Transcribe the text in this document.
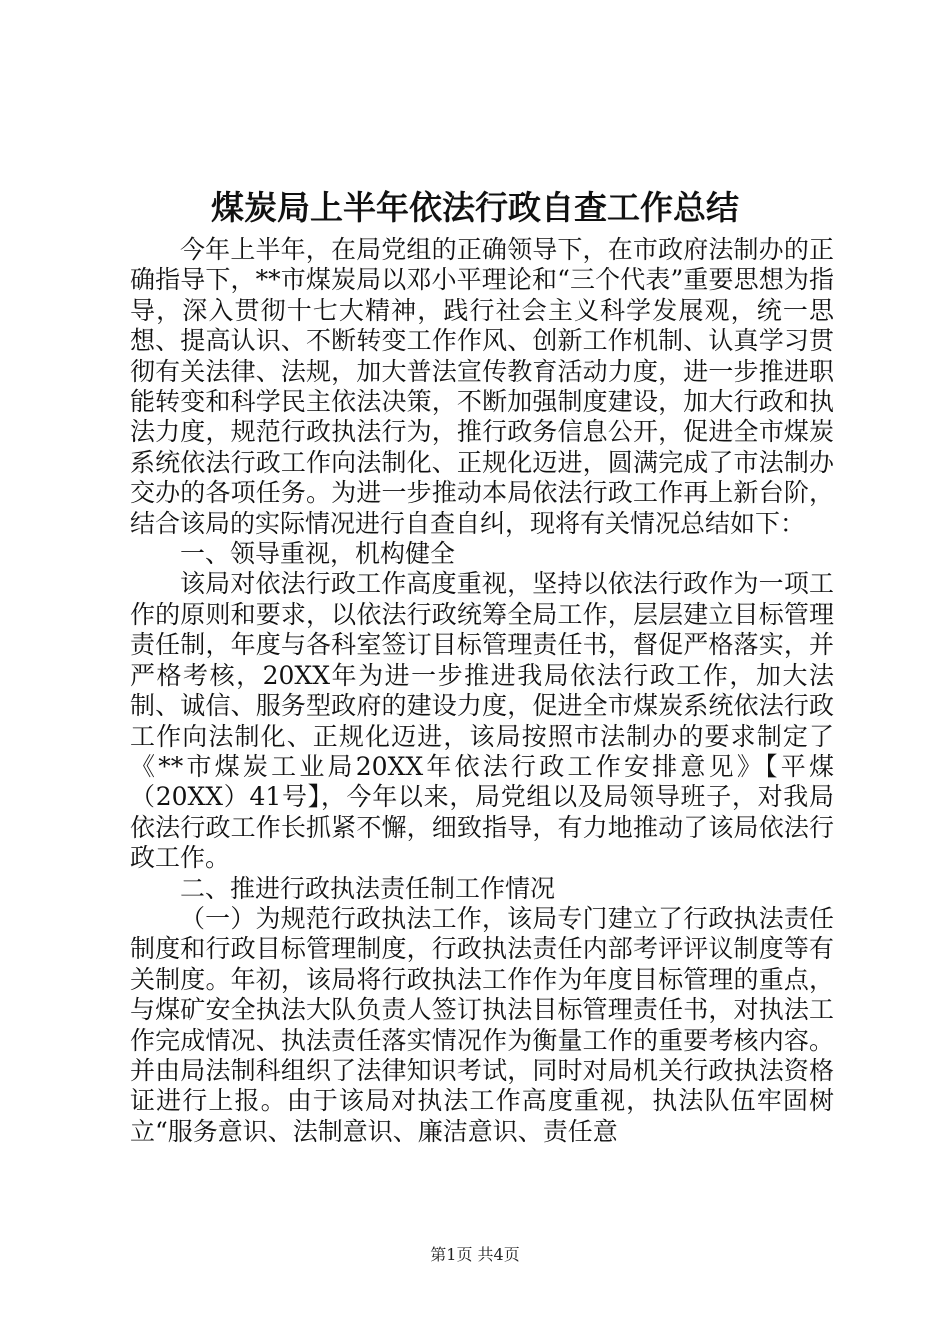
煤炭局上半年依法行政自查工作总结

今年上半年，在局党组的正确领导下，在市政府法制办的正确指导下，**市煤炭局以邓小平理论和“三个代表”重要思想为指导，深入贯彻十七大精神，践行社会主义科学发展观，统一思想、提高认识、不断转变工作作风、创新工作机制、认真学习贯彻有关法律、法规，加大普法宣传教育活动力度，进一步推进职能转变和科学民主依法决策，不断加强制度建设，加大行政和执法力度，规范行政执法行为，推行政务信息公开，促进全市煤炭系统依法行政工作向法制化、正规化迈进，圆满完成了市法制办交办的各项任务。为进一步推动本局依法行政工作再上新台阶，结合该局的实际情况进行自查自纠，现将有关情况总结如下：

一、领导重视，机构健全

该局对依法行政工作高度重视，坚持以依法行政作为一项工作的原则和要求，以依法行政统筹全局工作，层层建立目标管理责任制，年度与各科室签订目标管理责任书，督促严格落实，并严格考核，20XX年为进一步推进我局依法行政工作，加大法制、诚信、服务型政府的建设力度，促进全市煤炭系统依法行政工作向法制化、正规化迈进，该局按照市法制办的要求制定了《**市煤炭工业局20XX年依法行政工作安排意见》【平煤（20XX）41号】，今年以来，局党组以及局领导班子，对我局依法行政工作长抓紧不懈，细致指导，有力地推动了该局依法行政工作。

二、推进行政执法责任制工作情况

（一）为规范行政执法工作，该局专门建立了行政执法责任制度和行政目标管理制度，行政执法责任内部考评评议制度等有关制度。年初，该局将行政执法工作作为年度目标管理的重点，与煤矿安全执法大队负责人签订执法目标管理责任书，对执法工作完成情况、执法责任落实情况作为衡量工作的重要考核内容。并由局法制科组织了法律知识考试，同时对局机关行政执法资格证进行上报。由于该局对执法工作高度重视，执法队伍牢固树立“服务意识、法制意识、廉洁意识、责任意

第1页 共4页
